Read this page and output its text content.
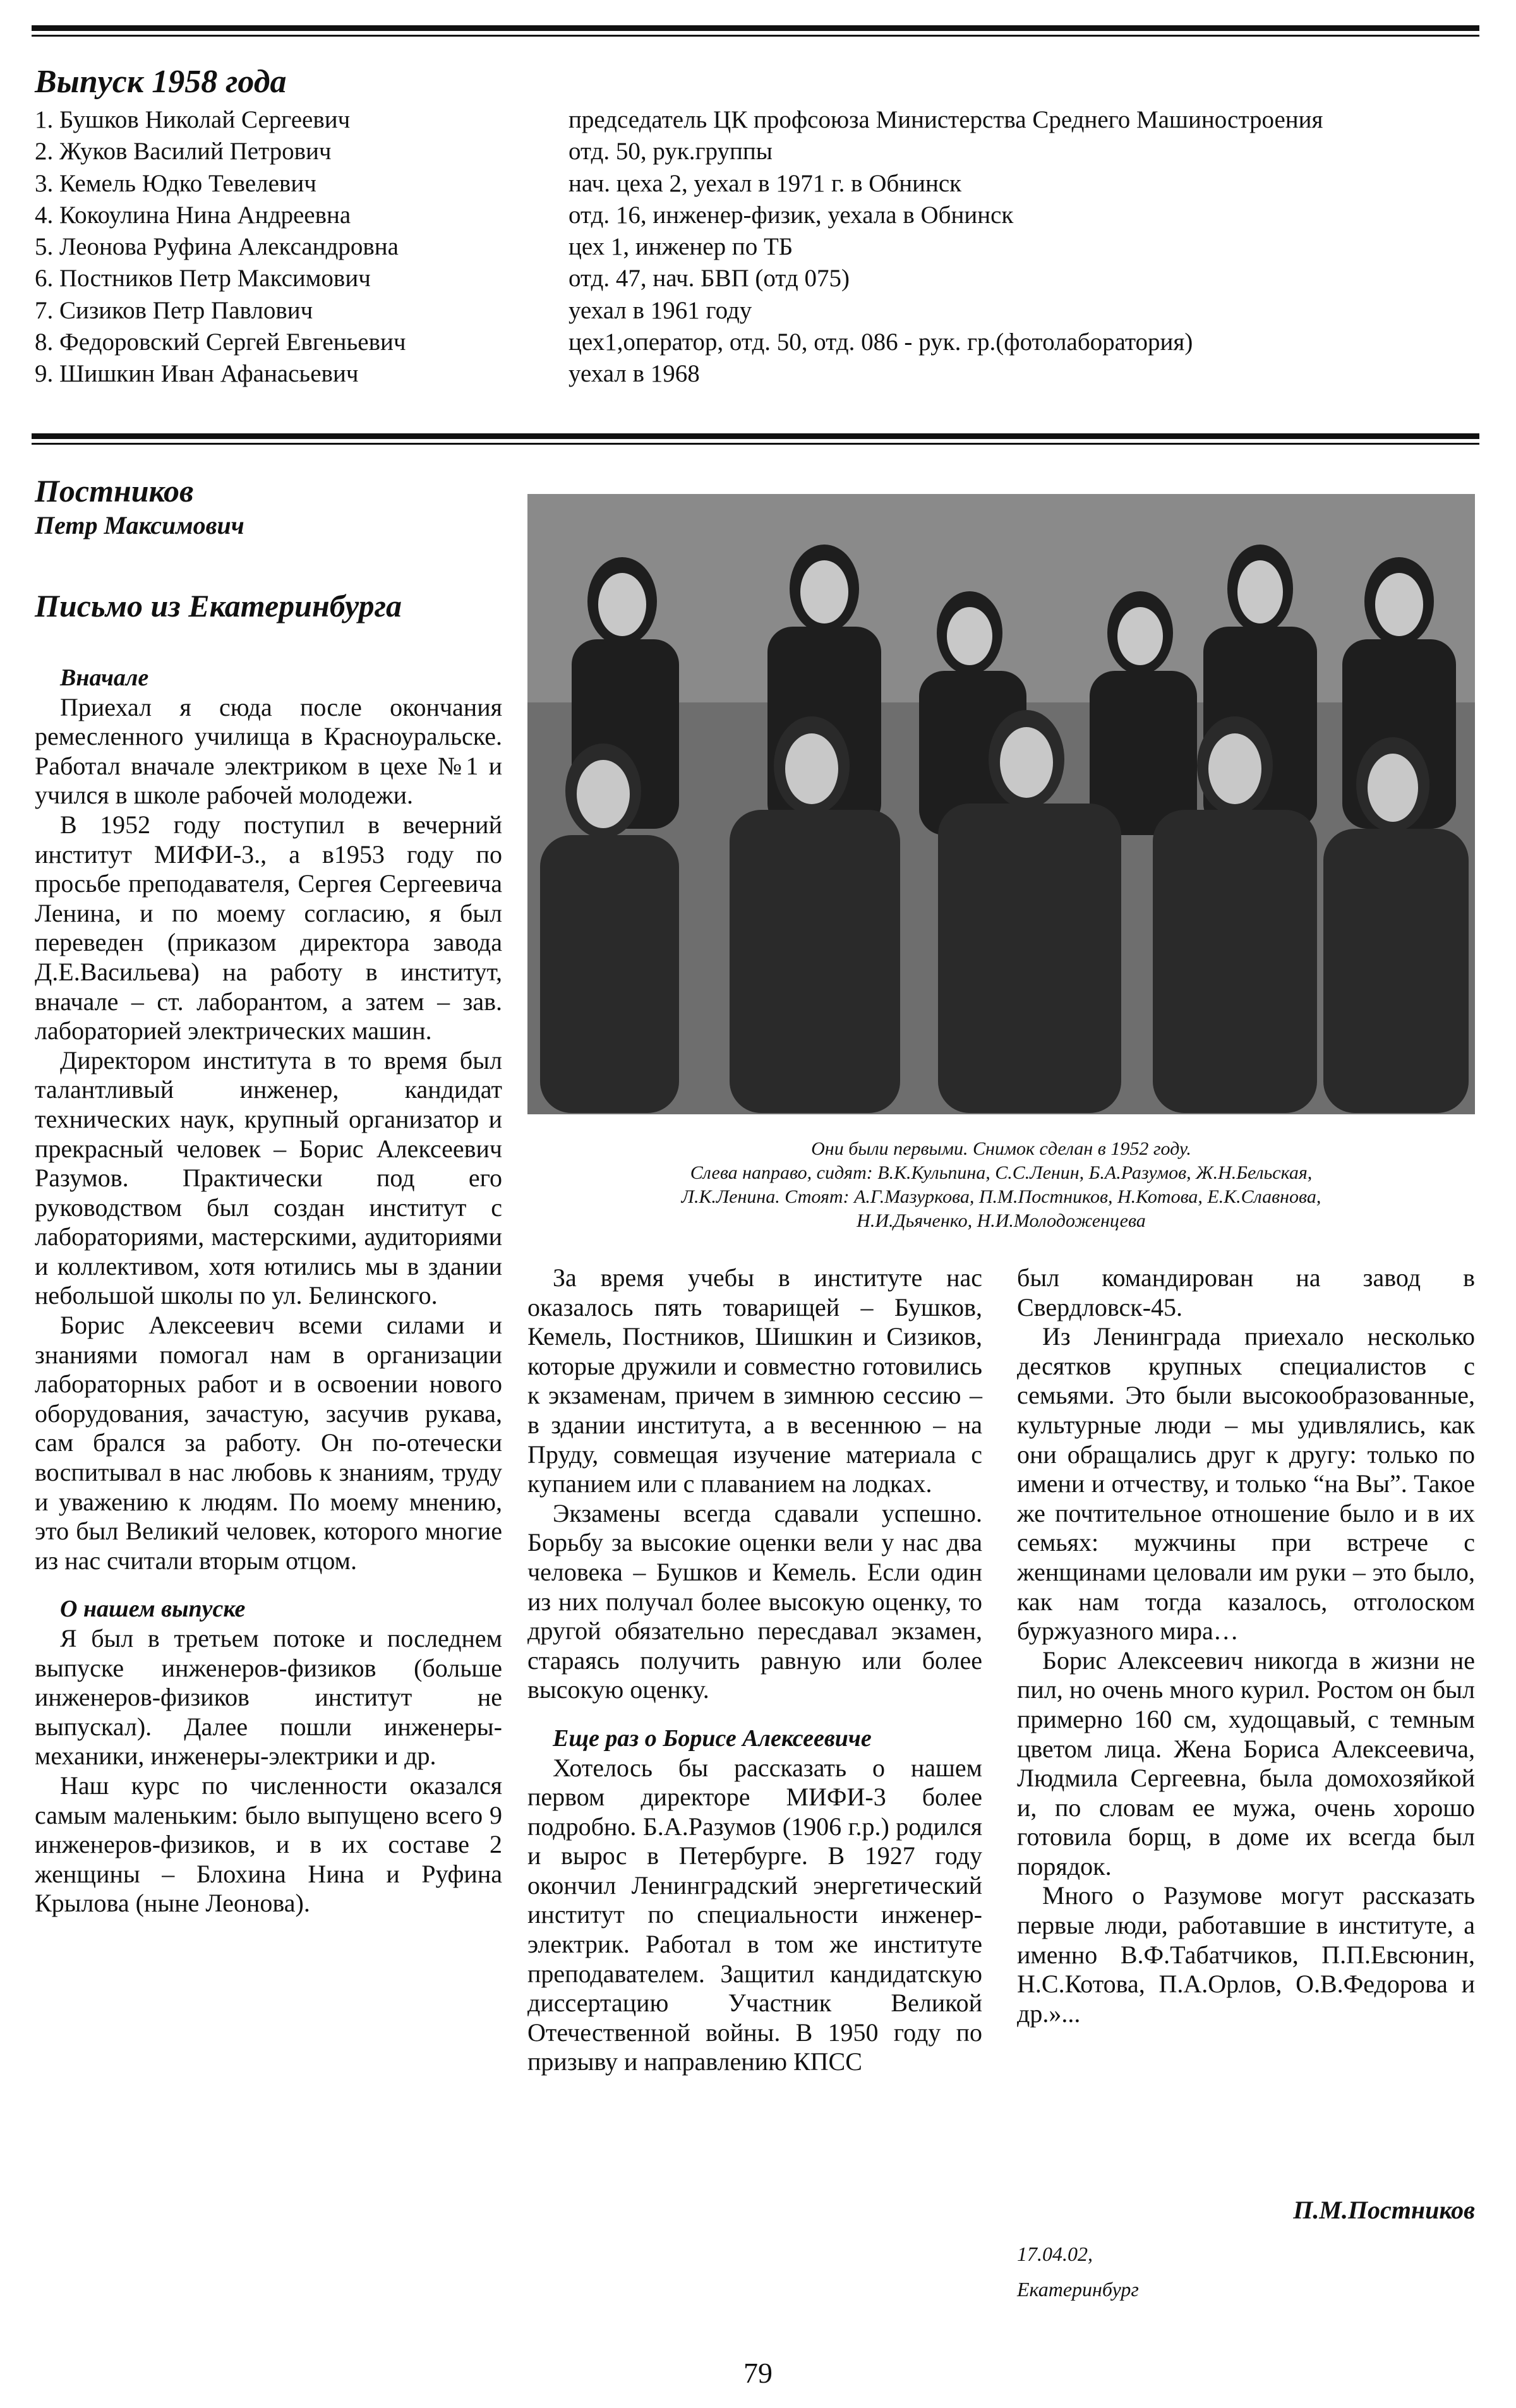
Выпуск 1958 года
1. Бушков Николай Сергеевич
2. Жуков Василий Петрович
3. Кемель Юдко Тевелевич
4. Кокоулина Нина Андреевна
5. Леонова Руфина Александровна
6. Постников Петр Максимович
7. Сизиков Петр Павлович
8. Федоровский Сергей Евгеньевич
9. Шишкин Иван Афанасьевич
председатель ЦК профсоюза Министерства Среднего Машиностроения
отд. 50, рук.группы
нач. цеха 2, уехал в 1971 г. в Обнинск
отд. 16, инженер-физик, уехала в Обнинск
цех 1, инженер по ТБ
отд. 47, нач. БВП (отд 075)
уехал в 1961 году
цех1,оператор, отд. 50, отд. 086 - рук. гр.(фотолаборатория)
уехал в 1968
Постников
Петр Максимович
Письмо из Екатеринбурга
Они были первыми. Снимок сделан в 1952 году.
Слева направо, сидят: В.К.Кульпина, С.С.Ленин, Б.А.Разумов, Ж.Н.Бельская,
Л.К.Ленина. Стоят: А.Г.Мазуркова, П.М.Постников, Н.Котова, Е.К.Славнова,
Н.И.Дьяченко, Н.И.Молодоженцева

Вначале

Приехал я сюда после окончания ремесленного училища в Красноуральске. Работал вначале электриком в цехе №1 и учился в школе рабочей молодежи.

В 1952 году поступил в вечерний институт МИФИ-3., а в1953 году по просьбе преподавателя, Сергея Сергеевича Ленина, и по моему согласию, я был переведен (приказом директора завода Д.Е.Васильева) на работу в институт, вначале – ст. лаборантом, а затем – зав. лабораторией электрических машин.

Директором института в то время был талантливый инженер, кандидат технических наук, крупный организатор и прекрасный человек – Борис Алексеевич Разумов. Практически под его руководством был создан институт с лабораториями, мастерскими, аудиториями и коллективом, хотя ютились мы в здании небольшой школы по ул. Белинского.

Борис Алексеевич всеми силами и знаниями помогал нам в организации лабораторных работ и в освоении нового оборудования, зачастую, засучив рукава, сам брался за работу. Он по-отечески воспитывал в нас любовь к знаниям, труду и уважению к людям. По моему мнению, это был Великий человек, которого многие из нас считали вторым отцом.

О нашем выпуске

Я был в третьем потоке и последнем выпуске инженеров-физиков (больше инженеров-физиков институт не выпускал). Далее пошли инженеры-механики, инженеры-электрики и др.

Наш курс по численности оказался самым маленьким: было выпущено всего 9 инженеров-физиков, и в их составе 2 женщины – Блохина Нина и Руфина Крылова (ныне Леонова).

За время учебы в институте нас оказалось пять товарищей – Бушков, Кемель, Постников, Шишкин и Сизиков, которые дружили и совместно готовились к экзаменам, причем в зимнюю сессию – в здании института, а в весеннюю – на Пруду, совмещая изучение материала с купанием или с плаванием на лодках.

Экзамены всегда сдавали успешно. Борьбу за высокие оценки вели у нас два человека – Бушков и Кемель. Если один из них получал более высокую оценку, то другой обязательно пересдавал экзамен, стараясь получить равную или более высокую оценку.

Еще раз о Борисе Алексеевиче

Хотелось бы рассказать о нашем первом директоре МИФИ-3 более подробно. Б.А.Разумов (1906 г.р.) родился и вырос в Петербурге. В 1927 году окончил Ленинградский энергетический институт по специальности инженер-электрик. Работал в том же институте преподавателем. Защитил кандидатскую диссертацию Участник Великой Отечественной войны. В 1950 году по призыву и направлению КПСС

был командирован на завод в Свердловск-45.

Из Ленинграда приехало несколько десятков крупных специалистов с семьями. Это были высокообразованные, культурные люди – мы удивлялись, как они обращались друг к другу: только по имени и отчеству, и только “на Вы”. Такое же почтительное отношение было и в их семьях: мужчины при встрече с женщинами целовали им руки – это было, как нам тогда казалось, отголоском буржуазного мира…

Борис Алексеевич никогда в жизни не пил, но очень много курил. Ростом он был примерно 160 см, худощавый, с темным цветом лица. Жена Бориса Алексеевича, Людмила Сергеевна, была домохозяйкой и, по словам ее мужа, очень хорошо готовила борщ, в доме их всегда был порядок.

Много о Разумове могут рассказать первые люди, работавшие в институте, а именно В.Ф.Табатчиков, П.П.Евсюнин, Н.С.Котова, П.А.Орлов, О.В.Федорова и др.»...

П.М.Постников
17.04.02,
Екатеринбург
79
